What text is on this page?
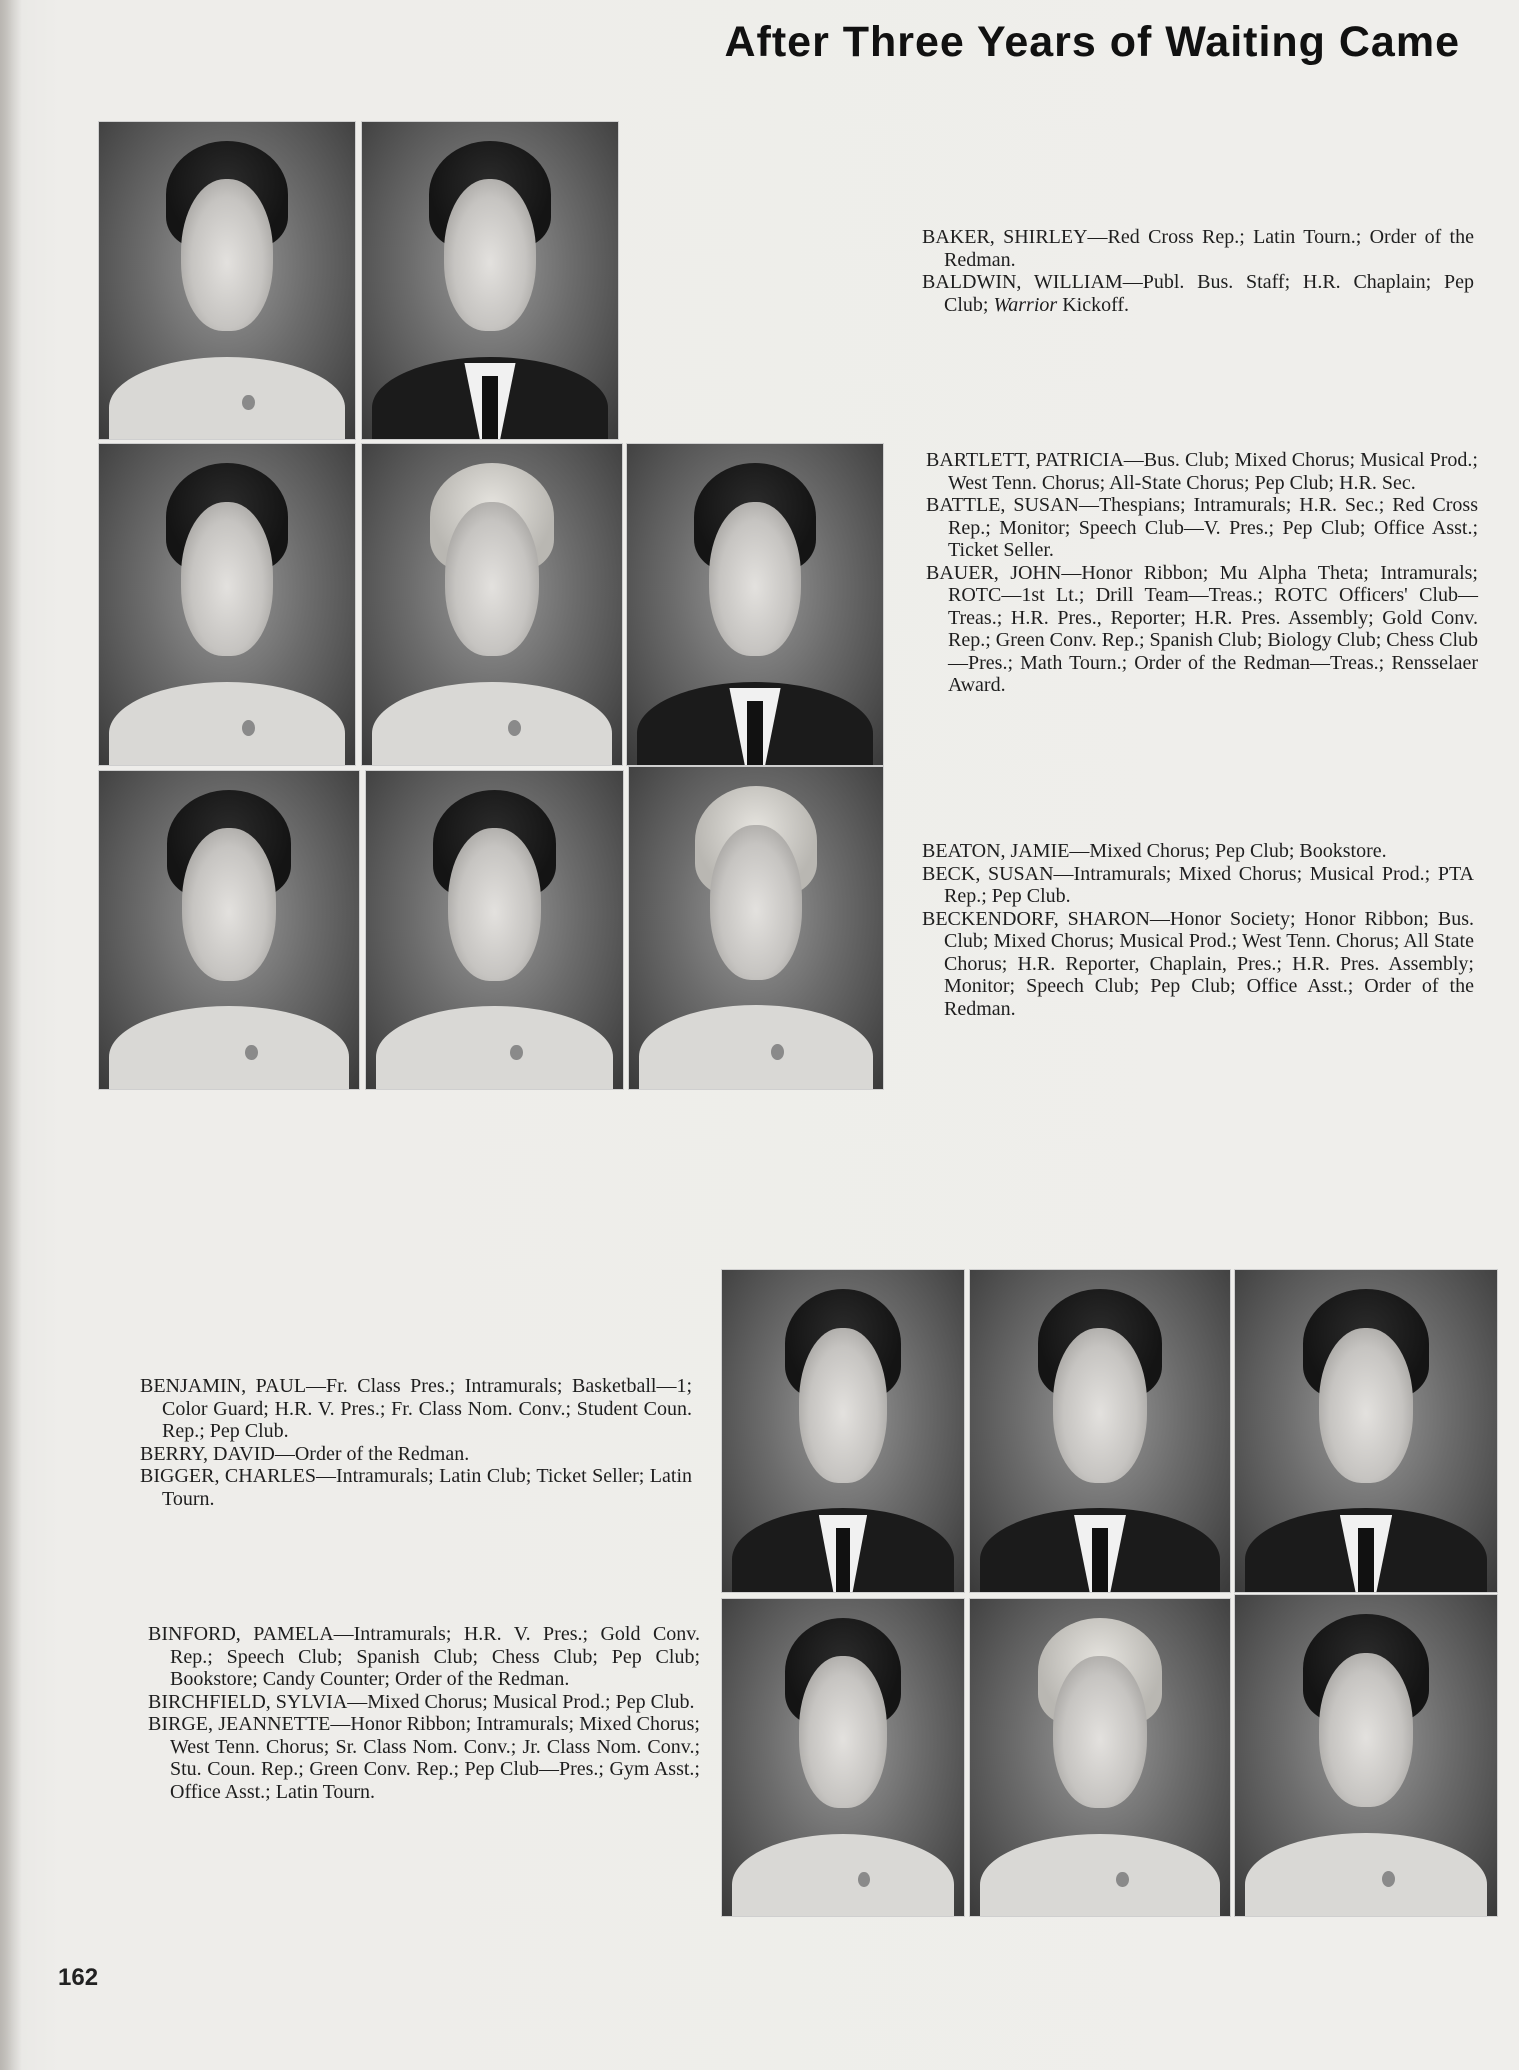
After Three Years of Waiting Came

BAKER, SHIRLEY—Red Cross Rep.; Latin Tourn.; Order of the Redman.

BALDWIN, WILLIAM—Publ. Bus. Staff; H.R. Chaplain; Pep Club; Warrior Kickoff.

BARTLETT, PATRICIA—Bus. Club; Mixed Chorus; Musical Prod.; West Tenn. Chorus; All-State Chorus; Pep Club; H.R. Sec.

BATTLE, SUSAN—Thespians; Intramurals; H.R. Sec.; Red Cross Rep.; Monitor; Speech Club—V. Pres.; Pep Club; Office Asst.; Ticket Seller.

BAUER, JOHN—Honor Ribbon; Mu Alpha Theta; Intramurals; ROTC—1st Lt.; Drill Team—Treas.; ROTC Officers' Club—Treas.; H.R. Pres., Reporter; H.R. Pres. Assembly; Gold Conv. Rep.; Green Conv. Rep.; Spanish Club; Biology Club; Chess Club—Pres.; Math Tourn.; Order of the Redman—Treas.; Rensselaer Award.

BEATON, JAMIE—Mixed Chorus; Pep Club; Bookstore.

BECK, SUSAN—Intramurals; Mixed Chorus; Musical Prod.; PTA Rep.; Pep Club.

BECKENDORF, SHARON—Honor Society; Honor Ribbon; Bus. Club; Mixed Chorus; Musical Prod.; West Tenn. Chorus; All State Chorus; H.R. Reporter, Chaplain, Pres.; H.R. Pres. Assembly; Monitor; Speech Club; Pep Club; Office Asst.; Order of the Redman.

BENJAMIN, PAUL—Fr. Class Pres.; Intramurals; Basketball—1; Color Guard; H.R. V. Pres.; Fr. Class Nom. Conv.; Student Coun. Rep.; Pep Club.

BERRY, DAVID—Order of the Redman.

BIGGER, CHARLES—Intramurals; Latin Club; Ticket Seller; Latin Tourn.

BINFORD, PAMELA—Intramurals; H.R. V. Pres.; Gold Conv. Rep.; Speech Club; Spanish Club; Chess Club; Pep Club; Bookstore; Candy Counter; Order of the Redman.

BIRCHFIELD, SYLVIA—Mixed Chorus; Musical Prod.; Pep Club.

BIRGE, JEANNETTE—Honor Ribbon; Intramurals; Mixed Chorus; West Tenn. Chorus; Sr. Class Nom. Conv.; Jr. Class Nom. Conv.; Stu. Coun. Rep.; Green Conv. Rep.; Pep Club—Pres.; Gym Asst.; Office Asst.; Latin Tourn.

162
